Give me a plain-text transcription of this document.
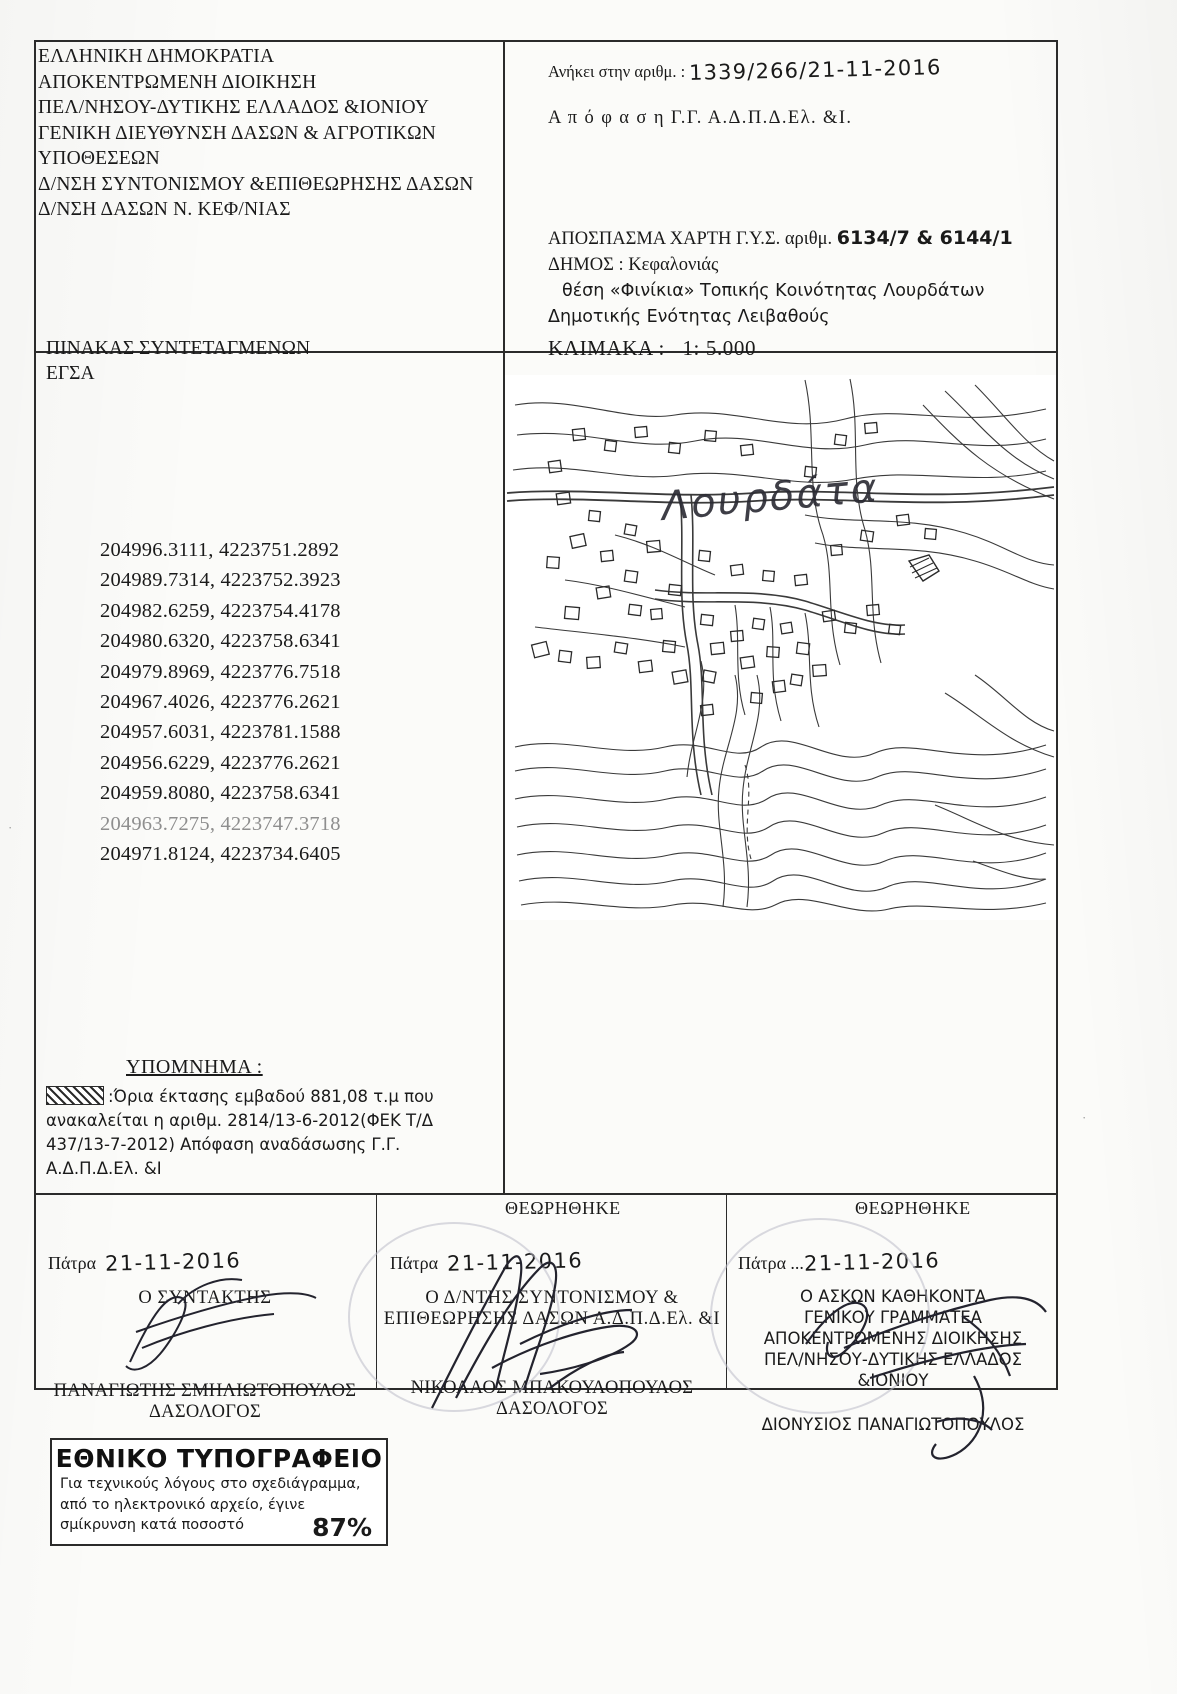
ΕΛΛΗΝΙΚΗ ΔΗΜΟΚΡΑΤΙΑ
ΑΠΟΚΕΝΤΡΩΜΕΝΗ ΔΙΟΙΚΗΣΗ
ΠΕΛ/ΝΗΣΟΥ-ΔΥΤΙΚΗΣ ΕΛΛΑΔΟΣ &ΙΟΝΙΟΥ
ΓΕΝΙΚΗ ΔΙΕΥΘΥΝΣΗ ΔΑΣΩΝ & ΑΓΡΟΤΙΚΩΝ
ΥΠΟΘΕΣΕΩΝ
Δ/ΝΣΗ ΣΥΝΤΟΝΙΣΜΟΥ &ΕΠΙΘΕΩΡΗΣΗΣ ΔΑΣΩΝ
Δ/ΝΣΗ ΔΑΣΩΝ Ν. ΚΕΦ/ΝΙΑΣ
Ανήκει στην αριθμ. : 1339/266/21-11-2016
Α π ό φ α σ η Γ.Γ. Α.Δ.Π.Δ.Ελ. &Ι.
ΑΠΟΣΠΑΣΜΑ ΧΑΡΤΗ Γ.Υ.Σ. αριθμ. 6134/7 & 6144/1
ΔΗΜΟΣ : Κεφαλονιάς
θέση «Φινίκια» Τοπικής Κοινότητας Λουρδάτων
Δημοτικής Ενότητας Λειβαθούς
ΚΛΙΜΑΚΑ : 1: 5.000
ΠΙΝΑΚΑΣ ΣΥΝΤΕΤΑΓΜΕΝΩΝ
ΕΓΣΑ
204996.3111, 4223751.2892
204989.7314, 4223752.3923
204982.6259, 4223754.4178
204980.6320, 4223758.6341
204979.8969, 4223776.7518
204967.4026, 4223776.2621
204957.6031, 4223781.1588
204956.6229, 4223776.2621
204959.8080, 4223758.6341
204963.7275, 4223747.3718
204971.8124, 4223734.6405
Λουρδάτα
ΥΠΟΜΝΗΜΑ :
:Όρια έκτασης εμβαδού 881,08 τ.μ που
ανακαλείται η αριθμ. 2814/13-6-2012(ΦΕΚ Τ/Δ
437/13-7-2012) Απόφαση αναδάσωσης Γ.Γ.
Α.Δ.Π.Δ.Ελ. &Ι
ΘΕΩΡΗΘΗΚΕ	ΘΕΩΡΗΘΗΚΕ
Πάτρα 21-11-2016
Ο ΣΥΝΤΑΚΤΗΣ
ΠΑΝΑΓΙΩΤΗΣ ΣΜΗΛΙΩΤΟΠΟΥΛΟΣ
ΔΑΣΟΛΟΓΟΣ
Πάτρα 21-11-2016
Ο Δ/ΝΤΗΣ ΣΥΝΤΟΝΙΣΜΟΥ &
ΕΠΙΘΕΩΡΗΣΗΣ ΔΑΣΩΝ Α.Δ.Π.Δ.Ελ. &Ι
ΝΙΚΟΛΑΟΣ ΜΠΑΚΟΥΛΟΠΟΥΛΟΣ
ΔΑΣΟΛΟΓΟΣ
Πάτρα ...21-11-2016
Ο ΑΣΚΩΝ ΚΑΘΗΚΟΝΤΑ
ΓΕΝΙΚΟΥ ΓΡΑΜΜΑΤΕΑ
ΑΠΟΚΕΝΤΡΩΜΕΝΗΣ ΔΙΟΙΚΗΣΗΣ
ΠΕΛ/ΝΗΣΟΥ-ΔΥΤΙΚΗΣ ΕΛΛΑΔΟΣ
&ΙΟΝΙΟΥ
ΔΙΟΝΥΣΙΟΣ ΠΑΝΑΓΙΩΤΟΠΟΥΛΟΣ
·
·
ΕΘΝΙΚΟ ΤΥΠΟΓΡΑΦΕΙΟ
Για τεχνικούς λόγους στο σχεδιάγραμμα,
από το ηλεκτρονικό αρχείο, έγινε
σμίκρυνση κατά ποσοστό	87%
